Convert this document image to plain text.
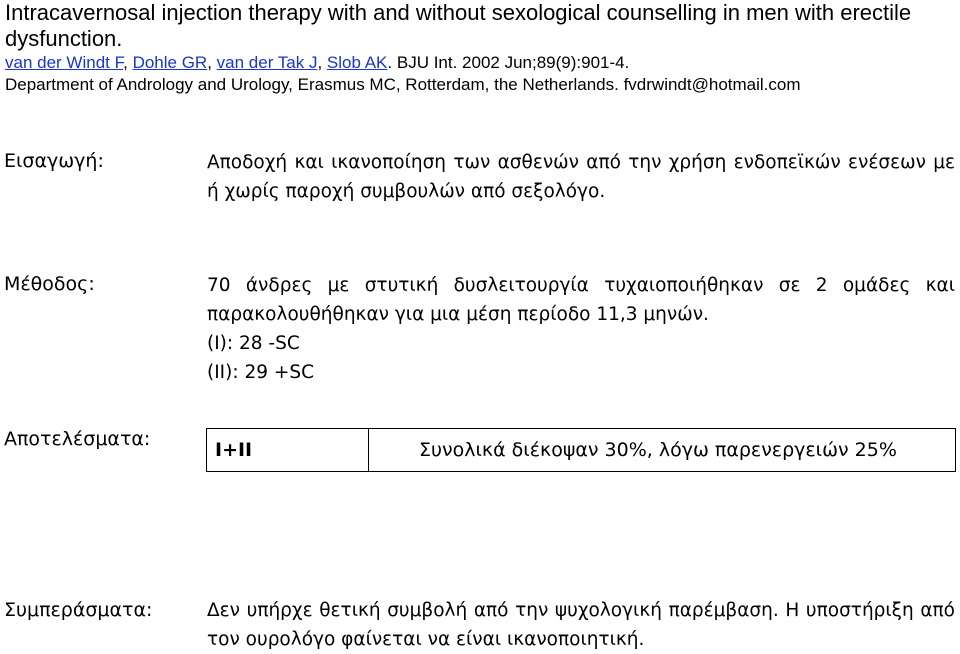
Intracavernosal injection therapy with and without sexological counselling in men with erectile dysfunction.
van der Windt F, Dohle GR, van der Tak J, Slob AK. BJU Int. 2002 Jun;89(9):901-4.
Department of Andrology and Urology, Erasmus MC, Rotterdam, the Netherlands. fvdrwindt@hotmail.com
Εισαγωγή:	Αποδοχή και ικανοποίηση των ασθενών από την χρήση ενδοπεϊκών ενέσεων με ή χωρίς παροχή συμβουλών από σεξολόγο.
Μέθοδος:	70 άνδρες με στυτική δυσλειτουργία τυχαιοποιήθηκαν σε 2 ομάδες και παρακολουθήθηκαν για μια μέση περίοδο 11,3 μηνών.
(I): 28 -SC
(II): 29 +SC
Αποτελέσματα:	I+II	Συνολικά διέκοψαν 30%, λόγω παρενεργειών 25%
Συμπεράσματα:	Δεν υπήρχε θετική συμβολή από την ψυχολογική παρέμβαση. Η υποστήριξη από τον ουρολόγο φαίνεται να είναι ικανοποιητική.
